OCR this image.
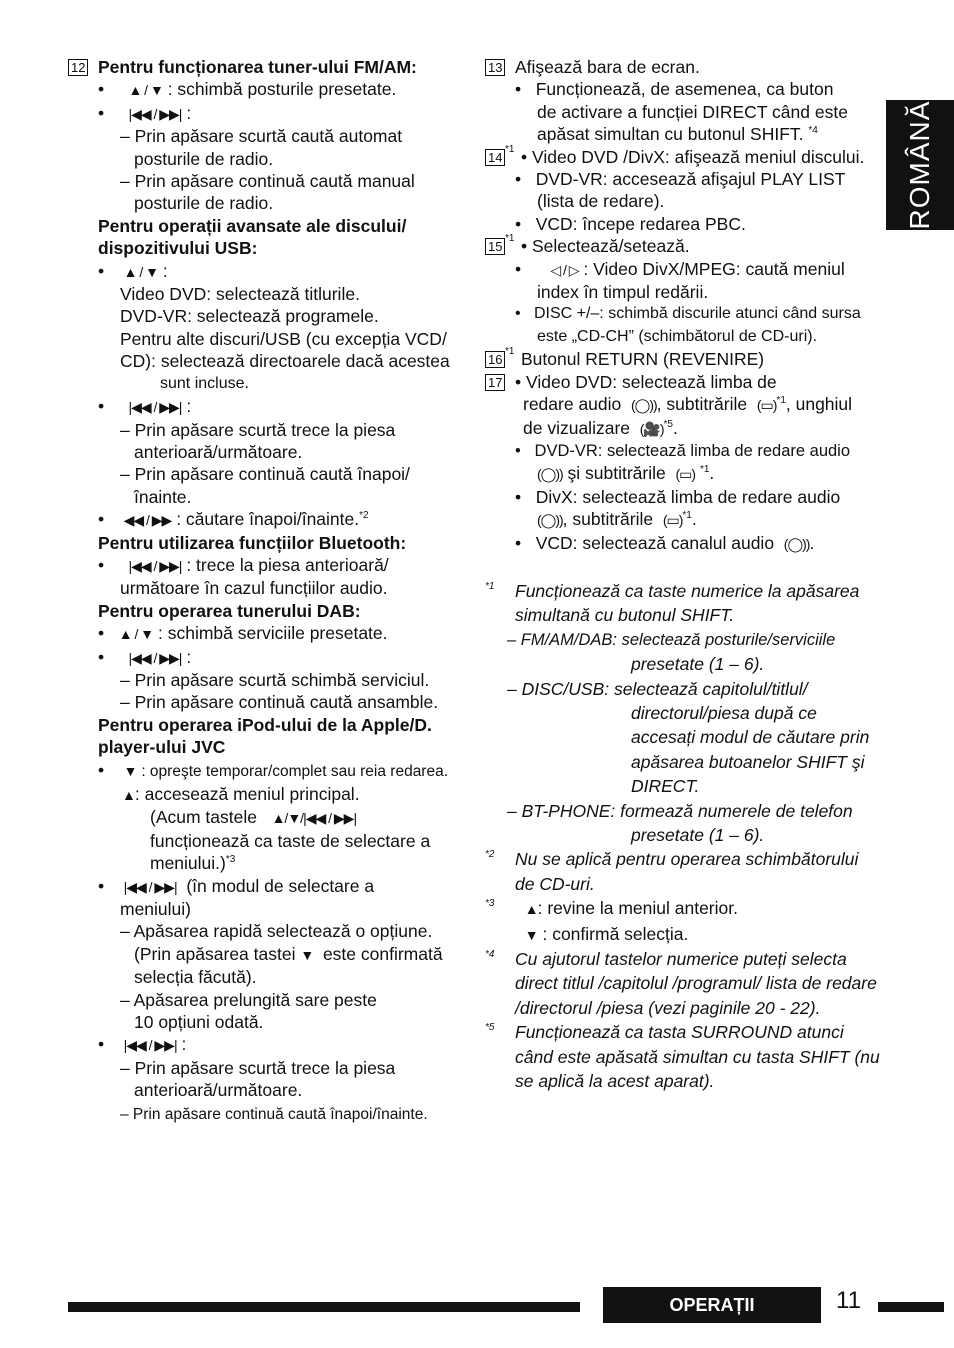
12 Pentru funcționarea tuner-ului FM/AM:
•     ▲ / ▼ : schimbă posturile presetate.
•     |◀◀ / ▶▶| :
– Prin apăsare scurtă caută automat
posturile de radio.
– Prin apăsare continuă caută manual
posturile de radio.
Pentru operații avansate ale discului/
dispozitivului USB:
•    ▲ / ▼ :
Video DVD: selectează titlurile.
DVD-VR: selectează programele.
Pentru alte discuri/USB (cu excepția VCD/
CD): selectează directoarele dacă acestea
sunt incluse.
•     |◀◀ / ▶▶| :
– Prin apăsare scurtă trece la piesa
anterioară/următoare.
– Prin apăsare continuă caută înapoi/
înainte.
•    ◀◀ / ▶▶ : căutare înapoi/înainte.$^{*2}$
Pentru utilizarea funcțiilor Bluetooth:
•     |◀◀ / ▶▶| : trece la piesa anterioară/
următoare în cazul funcțiilor audio.
Pentru operarea tunerului DAB:
•   ▲ / ▼ : schimbă serviciile presetate.
•     |◀◀ / ▶▶| :
– Prin apăsare scurtă schimbă serviciul.
– Prin apăsare continuă caută ansamble.
Pentru operarea iPod-ului de la Apple/D.
player-ului JVC
•    ▼ : opreşte temporar/complet sau reia redarea.
▲: accesează meniul principal.
(Acum tastele ▲/▼/|◀◀ / ▶▶|
funcționează ca taste de selectare a
meniului.)$^{*3}$
•    |◀◀ / ▶▶| (în modul de selectare a
meniului)
– Apăsarea rapidă selectează o opțiune.
(Prin apăsarea tastei ▼ este confirmată
selecția făcută).
– Apăsarea prelungită sare peste
10 opțiuni odată.
•    |◀◀ / ▶▶| :
– Prin apăsare scurtă trece la piesa
anterioară/următoare.
– Prin apăsare continuă caută înapoi/înainte.
13 Afişează bara de ecran.
•   Funcționează, de asemenea, ca buton
de activare a funcției DIRECT când este
apăsat simultan cu butonul SHIFT. $^{*4}$
14
*1 • Video DVD /DivX: afişează meniul discului.
•   DVD-VR: accesează afişajul PLAY LIST
(lista de redare).
•   VCD: începe redarea PBC.
15
*1 • Selectează/setează.
•      ◁ / ▷ : Video DivX/MPEG: caută meniul
index în timpul redării.
•   DISC +/–: schimbă discurile atunci când sursa
este „CD-CH” (schimbătorul de CD-uri).
16
*1 Butonul RETURN (REVENIRE)
17 • Video DVD: selectează limba de
redare audio (◯)), subtitrările (▭)$^{*1}$, unghiul
de vizualizare (🎥)$^{*5}$.
•   DVD-VR: selectează limba de redare audio
(◯)) şi subtitrările (▭) $^{*1}$.
•   DivX: selectează limba de redare audio
(◯)), subtitrările (▭)$^{*1}$.
•   VCD: selectează canalul audio (◯)).
*1 Funcționează ca taste numerice la apăsarea
simultană cu butonul SHIFT.
– FM/AM/DAB: selectează posturile/serviciile
presetate (1 – 6).
– DISC/USB: selectează capitolul/titlul/
directorul/piesa după ce
accesați modul de căutare prin
apăsarea butoanelor SHIFT şi
DIRECT.
– BT-PHONE: formează numerele de telefon
presetate (1 – 6).
*2 Nu se aplică pentru operarea schimbătorului
de CD-uri.
*3 ▲: revine la meniul anterior.
▼ : confirmă selecția.
*4 Cu ajutorul tastelor numerice puteți selecta
direct titlul /capitolul /programul/ lista de redare
/directorul /piesa (vezi paginile 20 - 22).
*5 Funcționează ca tasta SURROUND atunci
când este apăsată simultan cu tasta SHIFT (nu
se aplică la acest aparat).
ROMÂNĂ
OPERAȚII	11
